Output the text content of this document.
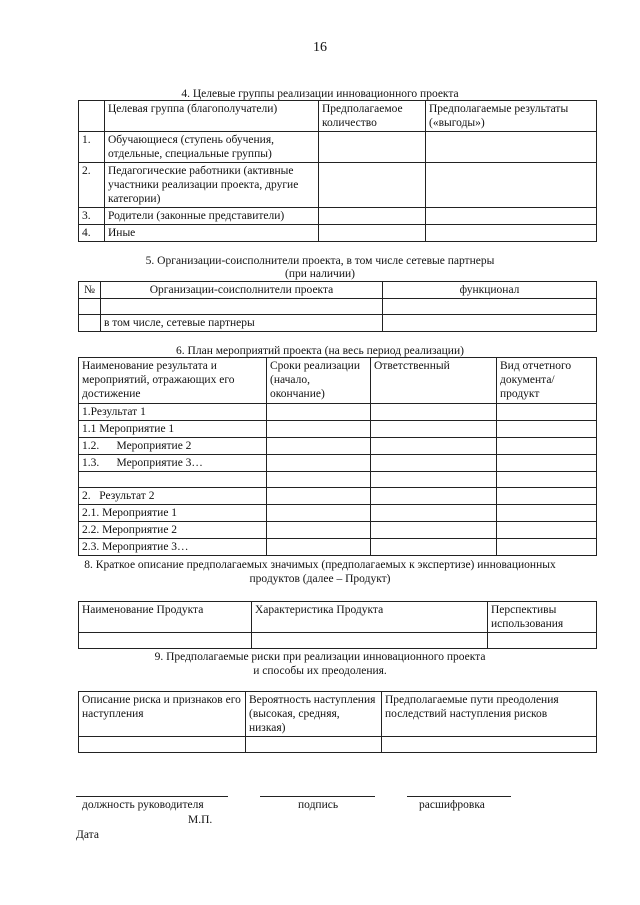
16
4. Целевые группы реализации инновационного проекта
	Целевая группа (благополучатели)	Предполагаемое количество	Предполагаемые результаты («выгоды»)
1.	Обучающиеся (ступень обучения, отдельные, специальные группы)		
2.	Педагогические работники (активные участники реализации проекта, другие категории)		
3.	Родители (законные представители)		
4.	Иные		
5. Организации-соисполнители проекта, в том числе сетевые партнеры
(при наличии)
№	Организации-соисполнители проекта	функционал

	в том числе, сетевые партнеры	
6. План мероприятий проекта (на весь период реализации)
Наименование результата и мероприятий, отражающих его достижение	Сроки реализации (начало, окончание)	Ответственный	Вид отчетного документа/ продукт
1.Результат 1			
1.1 Мероприятие 1			
1.2.      Мероприятие 2			
1.3.      Мероприятие 3…			

2.   Результат 2			
2.1. Мероприятие 1			
2.2. Мероприятие 2			
2.3. Мероприятие 3…			
8. Краткое описание предполагаемых значимых (предполагаемых к экспертизе) инновационных
продуктов (далее – Продукт)
Наименование Продукта	Характеристика Продукта	Перспективы использования

9. Предполагаемые риски при реализации инновационного проекта
и способы их преодоления.
Описание риска и признаков его наступления	Вероятность наступления (высокая, средняя, низкая)	Предполагаемые пути преодоления последствий наступления рисков

должность руководителя	подпись	расшифровка
М.П.
Дата
